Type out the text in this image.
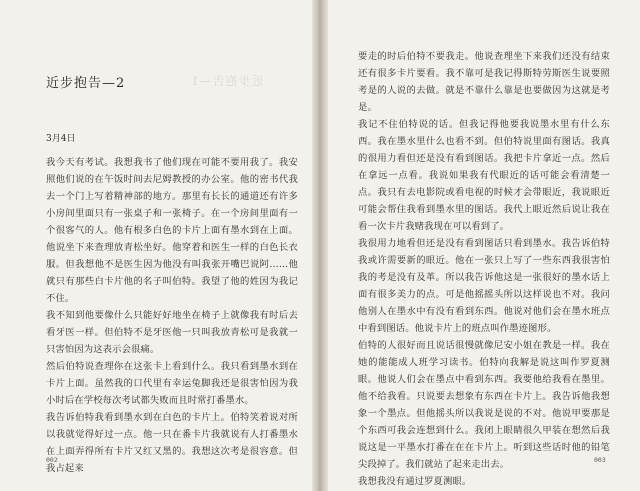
近步抱告—1
近步抱告—2
3月4日

我今天有考试。我想我书了他们现在可能不要用我了。我安照他们说的在午饭时间去尼姆教授的办公室。他的密书代我去一个门上写着精神部的地方。那里有长长的通道还有许多小房间里面只有一张桌子和一张椅子。在一个房间里面有一个很客气的人。他有根多白色的卡片上面有墨水到在上面。他说坐下来查理放青松坐好。他穿着和医生一样的白色长衣服。但我想他不是医生因为他没有叫我张开嘴巴说阿……他就只有那些白卡片他的名子叫伯特。我望了他的姓因为我记不住。

我不知到他要像什么只能好好地坐在椅子上就像我有时后去看牙医一样。但伯特不是牙医他一只叫我放青松可是我就一只害怕因为这表示会很痛。

然后伯特说查理你在这张卡上看到什么。我只看到墨水到在卡片上面。虽然我的口代里有幸运兔脚我还是很害怕因为我小时后在学校每次考试都失败而且时常打番墨水。

我告诉伯特我看到墨水到在白色的卡片上。伯特笑着说对所以我就觉得好过一点。他一只在番卡片我就说有人打番墨水在上面弄得所有卡片又红又黑的。我想这次考是很容意。但我占起来

002

要走的时后伯特不要我走。他说查理坐下来我们还没有结束还有很多卡片要看。我不靠可是我记得斯特劳斯医生说要照考是的人说的去做。就是不靠什么靠是也要做因为这就是考是。

我记不住伯特说的话。但我记得他要我说墨水里有什么东西。我在墨水里什么也看不到。但伯特说里面有图话。我真的很用力看但还是没有看到图话。我把卡片拿近一点。然后在拿远一点看。我说如果我有代眼近的话可能会看清楚一点。我只有去电影院或看电视的时候才会带眼近，我说眼近可能会帮住我看到墨水里的图话。我代上眼近然后说让我在看一次卡片我赌我现在可以看到了。

我很用力地看但还是没有看到图话只看到墨水。我告诉伯特我或许需要新的眼近。他在一张只上写了一些东西我很害怕我的考是没有及革。所以我告诉他这是一张很好的墨水话上面有很多美力的点。可是他摇摇头所以这样说也不对。我问他别人在墨水中有没有看到东西。他说对他们会在墨水班点中看到图话。他说卡片上的班点叫作墨迹图形。

伯特的人很好而且说话很慢就像尼安小姐在教是一样。我在她的能能成人班学习读书。伯特向我解是说这叫作罗夏测眼。他说人们会在墨点中看到东西。我要他给我看在墨里。他不给我看。只说要去想象有东西在卡片上。我告诉他我想象一个墨点。但他摇头所以我说是说的不对。他说甲要那是个东西可我会连想到什么。我闭上眼睛很久甲装在想然后我说这是一平墨水打番在在在卡片上。听到这些话时他的铅笔尖段掉了。我们就站了起来走出去。

我想我没有通过罗夏测眼。

003
